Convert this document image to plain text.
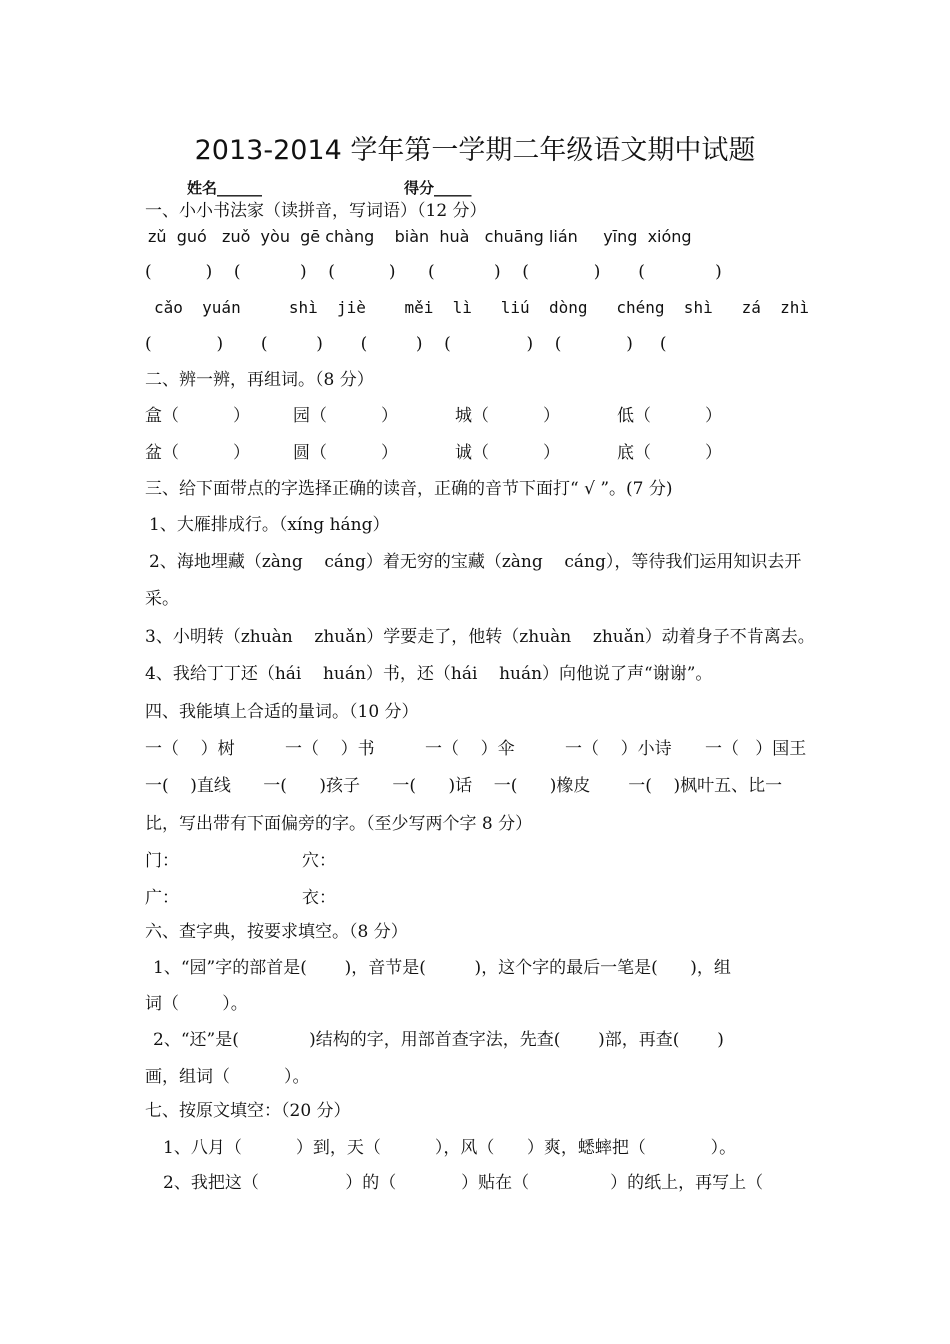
2013-2014 学年第一学期二年级语文期中试题
姓名______	得分_____
一、小小书法家（读拼音，写词语）（12 分）
zǔ  guó   zuǒ  yòu  gē chàng    biàn  huà   chuāng lián     yīng  xióng
(          )    (           )    (          )      (           )    (            )       (             )
cǎo  yuán     shì  jiè    měi  lì   liú  dòng   chéng  shì   zá  zhì
(            )       (         )       (         )    (              )    (            )     (
二、辨一辨，再组词。（8 分）
盒（          ）	园（          ）	城（          ）	低（          ）
盆（          ）	圆（          ）	诚（          ）	底（          ）
三、给下面带点的字选择正确的读音，正确的音节下面打“ √ ”。(7 分)
1、大雁排成行。（xíng háng）
2、海地埋藏（zàng    cáng）着无穷的宝藏（zàng    cáng），等待我们运用知识去开
采。
3、小明转（zhuàn    zhuǎn）学要走了，他转（zhuàn    zhuǎn）动着身子不肯离去。
4、我给丁丁还（hái    huán）书，还（hái    huán）向他说了声“谢谢”。
四、我能填上合适的量词。（10 分）
一（    ）树	一（    ）书	一（    ）伞	一（    ）小诗	一（   ）国王
一(    )直线      一(      )孩子      一(      )话    一(      )橡皮       一(    )枫叶五、比一
比，写出带有下面偏旁的字。（至少写两个字 8 分）
门：	穴：
广：	衣：
六、查字典，按要求填空。（8 分）
1、“园”字的部首是(       )，音节是(         )，这个字的最后一笔是(      )，组
词（        ）。
2、“还”是(             )结构的字，用部首查字法，先查(       )部，再查(       )
画，组词（          ）。
七、按原文填空：（20 分）
1、八月（          ）到，天（          ），风（      ）爽，蟋蟀把（            ）。
2、我把这（                ）的（            ）贴在（               ）的纸上，再写上（
